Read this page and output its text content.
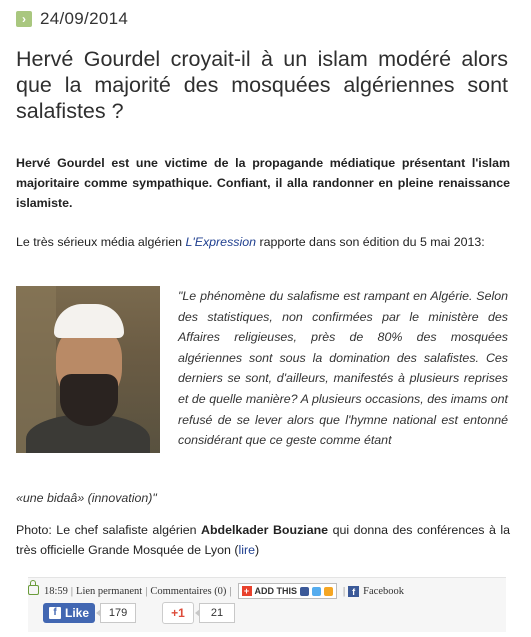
› 24/09/2014
Hervé Gourdel croyait-il à un islam modéré alors que la majorité des mosquées algériennes sont salafistes ?

Hervé Gourdel est une victime de la propagande médiatique présentant l'islam majoritaire comme sympathique. Confiant, il alla randonner en pleine renaissance islamiste.

Le très sérieux média algérien L'Expression rapporte dans son édition du 5 mai 2013:

"Le phénomène du salafisme est rampant en Algérie. Selon des statistiques, non confirmées par le ministère des Affaires religieuses, près de 80% des mosquées algériennes sont sous la domination des salafistes. Ces derniers se sont, d'ailleurs, manifestés à plusieurs reprises et de quelle manière? A plusieurs occasions, des imams ont refusé de se lever alors que l'hymne national est entonné considérant que ce geste comme étant

«une bidaâ» (innovation)"

Photo: Le chef salafiste algérien Abdelkader Bouziane qui donna des conférences à la très officielle Grande Mosquée de Lyon (lire)

18:59 | Lien permanent | Commentaires (0) | + ADD THIS	| f Facebook
f Like	179	+1	21
